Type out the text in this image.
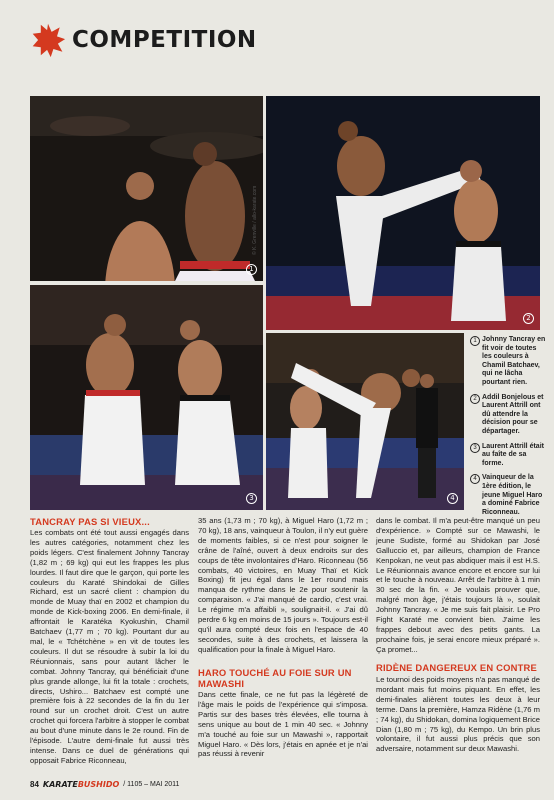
COMPETITION
1
2
3	4
© K. Grenville / allo-karate.com
1 Johnny Tancray en fit voir de toutes les couleurs à Chamil Batchaev, qui ne lâcha pourtant rien.
2 Addil Bonjelous et Laurent Attrill ont dû attendre la décision pour se départager.
3 Laurent Attrill était au faîte de sa forme.
4 Vainqueur de la 1ère édition, le jeune Miguel Haro a dominé Fabrice Riconneau.
TANCRAY PAS SI VIEUX...

Les combats ont été tout aussi engagés dans les autres catégories, notamment chez les poids légers. C'est finalement Johnny Tancray (1,82 m ; 69 kg) qui eut les frappes les plus lourdes. Il faut dire que le garçon, qui porte les couleurs du Karaté Shindokai de Gilles Richard, est un sacré client : champion du monde de Muay thaï en 2002 et champion du monde de Kick-boxing 2006. En demi-finale, il affrontait le Karatéka Kyokushin, Chamil Batchaev (1,77 m ; 70 kg). Pourtant dur au mal, le « Tchétchène » en vit de toutes les couleurs. Il dut se résoudre à subir la loi du Réunionnais, sans pour autant lâcher le combat. Johnny Tancray, qui bénéficiait d'une plus grande allonge, lui fit la totale : crochets, directs, Ushiro... Batchaev est compté une première fois à 22 secondes de la fin du 1er round sur un crochet droit. C'est un autre crochet qui forcera l'arbitre à stopper le combat au bout d'une minute dans le 2e round. Fin de l'épisode. L'autre demi-finale fut aussi très intense. Dans ce duel de générations qui opposait Fabrice Riconneau,

35 ans (1,73 m ; 70 kg), à Miguel Haro (1,72 m ; 70 kg), 18 ans, vainqueur à Toulon, il n'y eut guère de moments faibles, si ce n'est pour soigner le crâne de l'aîné, ouvert à deux endroits sur des coups de tête involontaires d'Haro. Riconneau (56 combats, 40 victoires, en Muay Thaï et Kick Boxing) fit jeu égal dans le 1er round mais manqua de rythme dans le 2e pour soutenir la comparaison. « J'ai manqué de cardio, c'est vrai. Le régime m'a affaibli », soulignait-il. « J'ai dû perdre 6 kg en moins de 15 jours ». Toujours est-il qu'il aura compté deux fois en l'espace de 40 secondes, suite à des crochets, et laissera la qualification pour la finale à Miguel Haro.

HARO TOUCHÉ AU FOIE SUR UN MAWASHI

Dans cette finale, ce ne fut pas la légèreté de l'âge mais le poids de l'expérience qui s'imposa. Partis sur des bases très élevées, elle tourna à sens unique au bout de 1 min 40 sec. « Johnny m'a touché au foie sur un Mawashi », rapportait Miguel Haro. « Dès lors, j'étais en apnée et je n'ai pas réussi à revenir

dans le combat. Il m'a peut-être manqué un peu d'expérience. » Compté sur ce Mawashi, le jeune Sudiste, formé au Shidokan par José Galluccio et, par ailleurs, champion de France Kenpokan, ne veut pas abdiquer mais il est H.S. Le Réunionnais avance encore et encore sur lui et le touche à nouveau. Arrêt de l'arbitre à 1 min 30 sec de la fin. « Je voulais prouver que, malgré mon âge, j'étais toujours là », soulait Johnny Tancray. « Je me suis fait plaisir. Le Pro Fight Karaté me convient bien. J'aime les frappes debout avec des petits gants. La prochaine fois, je serai encore mieux préparé ». Ça promet...

RIDÈNE DANGEREUX EN CONTRE

Le tournoi des poids moyens n'a pas manqué de mordant mais fut moins piquant. En effet, les demi-finales alièrent toutes les deux à leur terme. Dans la première, Hamza Ridène (1,76 m ; 74 kg), du Shidokan, domina logiquement Brice Dian (1,80 m ; 75 kg), du Kempo. Un brin plus volontaire, il fut aussi plus précis que son adversaire, notamment sur deux Mawashi.

84 KARATEBUSHIDO / 1105 – MAI 2011
